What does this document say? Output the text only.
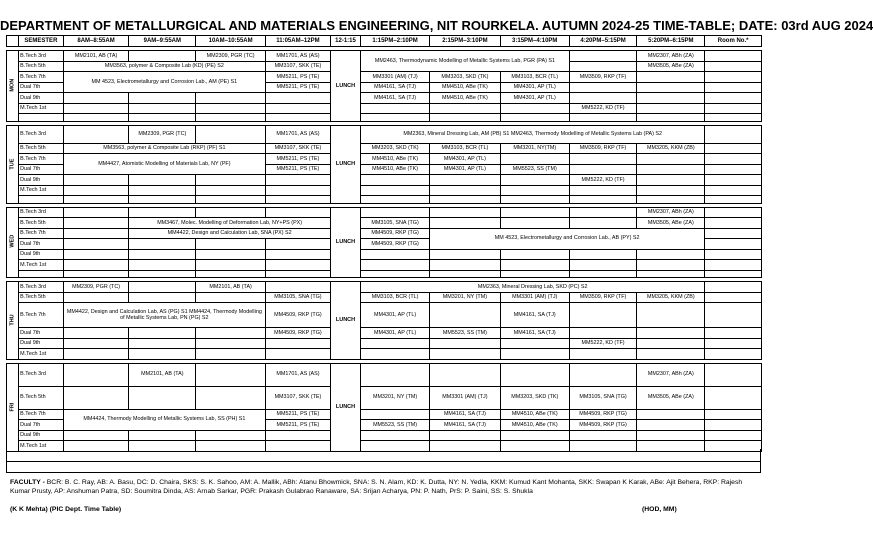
DEPARTMENT OF METALLURGICAL AND MATERIALS ENGINEERING, NIT ROURKELA. AUTUMN 2024-25 TIME-TABLE; DATE: 03rd AUG 2024
	SEMESTER	8AM–8:55AM	9AM–9:55AM	10AM–10:55AM	11:05AM–12PM	12-1:15	1:15PM–2:10PM	2:15PM–3:10PM	3:15PM–4:10PM	4:20PM–5:15PM	5:20PM–6:15PM	Room No.*

MON	B.Tech 3rd	MM2101, AB (TA)		MM2309, PGR (TC)	MM1701, AS (AS)	LUNCH	MM2463, Thermodynamic Modelling of Metallic Systems Lab, PGR (PA) S1				MM2307, ABh (ZA)	
	B.Tech 5th	MM3563, polymer & Composite Lab (KD) (PE) S2			MM3107, SKK (TE)						MM3505, ABe (ZA)	
	B.Tech 7th	MM 4523, Electrometallurgy and Corrosion Lab., AM (PE) S1			MM5211, PS (TE)		MM3301 (AM) (TJ)	MM3203, SKD (TK)	MM3103, BCR (TL)	MM3509, RKP (TF)		
	Dual 7th				MM5211, PS (TE)		MM4161, SA (TJ)	MM4510, ABe (TK)	MM4301, AP (TL)			
	Dual 9th						MM4161, SA (TJ)	MM4510, ABe (TK)	MM4301, AP (TL)			
	M.Tech 1st									MM5222, KD (TF)		

TUE	B.Tech 3rd		MM2309, PGR (TC)		MM1701, AS (AS)	LUNCH	MM2363, Mineral Dressing Lab, AM (PB) S1 MM2463, Thermody Modelling of Metallic Systems Lab (PA) S2					
	B.Tech 5th	MM3563, polymer & Composite Lab (RKP) (PF) S1			MM3107, SKK (TE)		MM3203, SKD (TK)	MM3103, BCR (TL)	MM3201, NY(TM)	MM3509, RKP (TF)	MM3205, KKM (ZB)	
	B.Tech 7th	MM4427, Atomistic Modelling of Materials Lab, NY (PF)			MM5211, PS (TE)		MM4510, ABe (TK)	MM4301, AP (TL)				
	Dual 7th				MM5211, PS (TE)		MM4510, ABe (TK)	MM4301, AP (TL)	MM5523, SS (TM)			
	Dual 9th									MM5222, KD (TF)		
	M.Tech 1st											

WED	B.Tech 3rd					LUNCH					MM2307, ABh (ZA)	
	B.Tech 5th		MM3467, Molec. Modelling of Deformation Lab, NY+PS (PX)				MM3105, SNA (TG)				MM3505, ABe (ZA)	
	B.Tech 7th		MM4422, Design and Calculation Lab, SNA (PX) S2				MM4509, RKP (TG)	MM 4523, Electrometallurgy and Corrosion Lab., AB (PY) S2				
	Dual 7th						MM4509, RKP (TG)					
	Dual 9th											
	M.Tech 1st											

THU	B.Tech 3rd	MM2309, PGR (TC)		MM2101, AB (TA)		LUNCH	MM2363, Mineral Dressing Lab, SKD (PC) S2					
	B.Tech 5th				MM3105, SNA (TG)		MM3103, BCR (TL)	MM3201, NY (TM)	MM3301 (AM) (TJ)	MM3509, RKP (TF)	MM3205, KKM (ZB)	
	B.Tech 7th	MM4422, Design and Calculation Lab, AS (PG) S1 MM4424, Thermody Modelling of Metallic Systems Lab, PN (PG) S2			MM4509, RKP (TG)		MM4301, AP (TL)		MM4161, SA (TJ)			
	Dual 7th				MM4509, RKP (TG)		MM4301, AP (TL)	MM5523, SS (TM)	MM4161, SA (TJ)			
	Dual 9th									MM5222, KD (TF)		
	M.Tech 1st											

FRI	B.Tech 3rd		MM2101, AB (TA)		MM1701, AS (AS)	LUNCH					MM2307, ABh (ZA)	
	B.Tech 5th				MM3107, SKK (TE)		MM3201, NY (TM)	MM3301 (AM) (TJ)	MM3203, SKD (TK)	MM3105, SNA (TG)	MM3505, ABe (ZA)	
	B.Tech 7th	MM4424, Thermody Modelling of Metallic Systems Lab, SS (PH) S1			MM5211, PS (TE)			MM4161, SA (TJ)	MM4510, ABe (TK)	MM4509, RKP (TG)		
	Dual 7th				MM5211, PS (TE)		MM5523, SS (TM)	MM4161, SA (TJ)	MM4510, ABe (TK)	MM4509, RKP (TG)		
	Dual 9th											
	M.Tech 1st											
FACULTY - BCR: B. C. Ray, AB: A. Basu, DC: D. Chaira, SKS: S. K. Sahoo, AM: A. Mallik, ABh: Atanu Bhowmick, SNA: S. N. Alam, KD: K. Dutta, NY: N. Yedla, KKM: Kumud Kant Mohanta, SKK: Swapan K Karak, ABe: Ajit Behera, RKP: Rajesh Kumar Prusty, AP: Anshuman Patra, SD: Soumitra Dinda, AS: Arnab Sarkar, PGR: Prakash Gulabrao Ranaware, SA: Srijan Acharya, PN: P. Nath, PrS: P. Saini, SS: S. Shukla
(K K Mehta) (PIC Dept. Time Table)	(HOD, MM)
